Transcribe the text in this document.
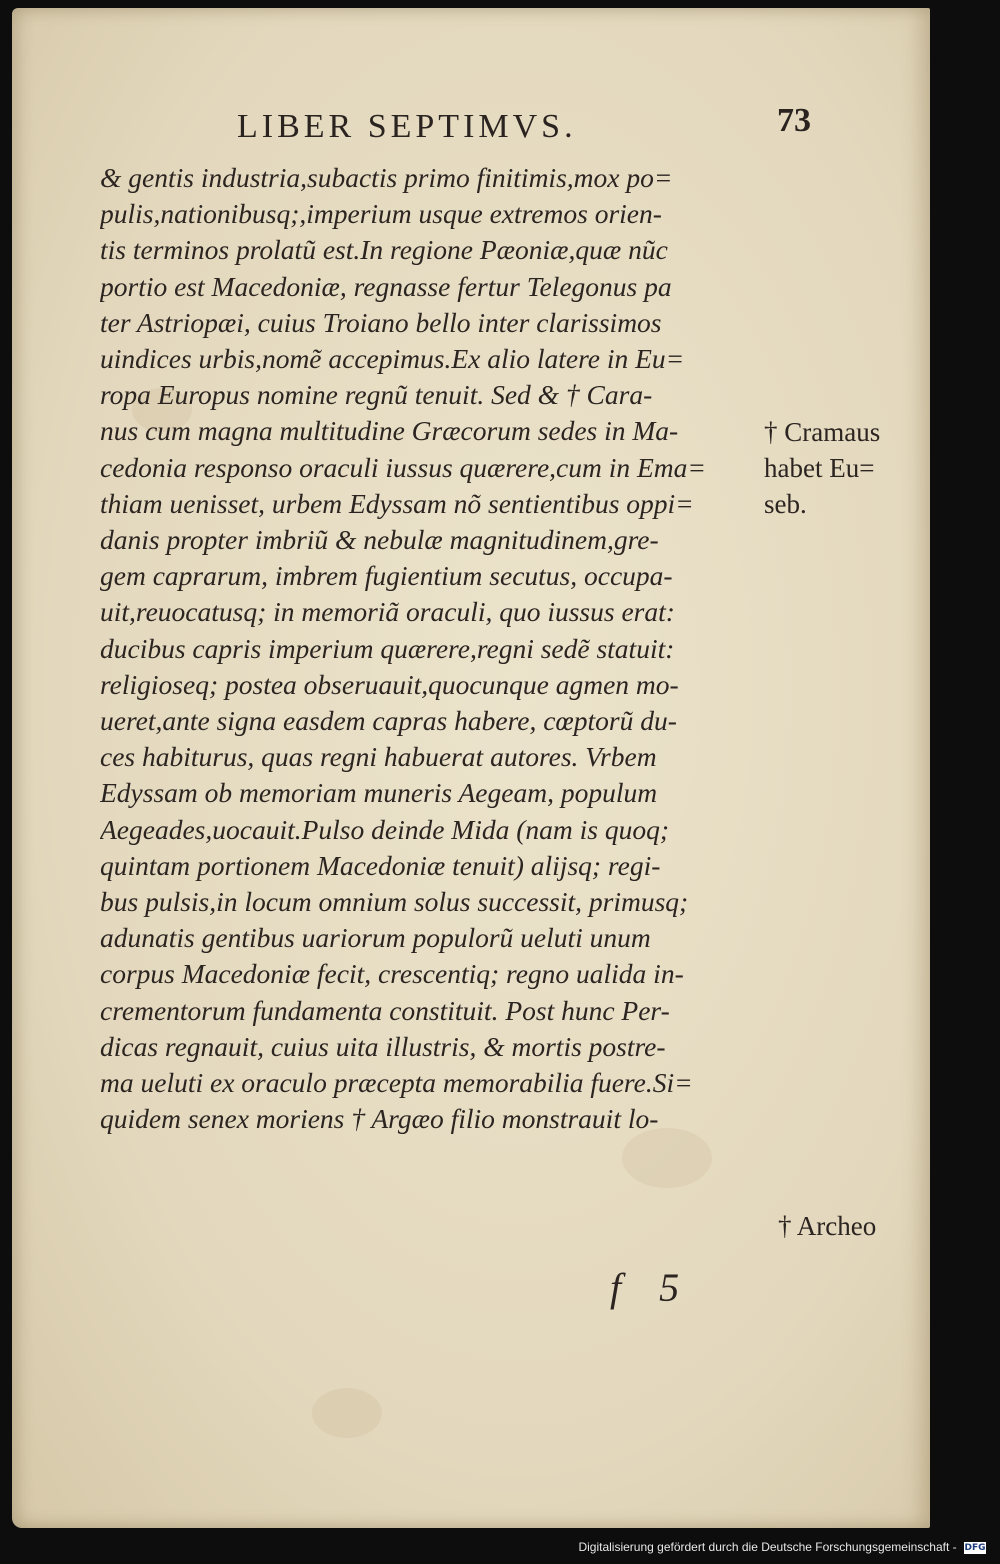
LIBER SEPTIMVS.	73
& gentis industria,subactis primo finitimis,mox po=
pulis,nationibusq;,imperium usque extremos orien-
tis terminos prolatũ est.In regione Pæoniæ,quæ nũc
portio est Macedoniæ, regnasse fertur Telegonus pa
ter Astriopæi, cuius Troiano bello inter clarissimos
uindices urbis,nomẽ accepimus.Ex alio latere in Eu=
ropa Europus nomine regnũ tenuit. Sed & † Cara-
nus cum magna multitudine Græcorum sedes in Ma-
cedonia responso oraculi iussus quærere,cum in Ema=
thiam uenisset, urbem Edyssam nõ sentientibus oppi=
danis propter imbriũ & nebulæ magnitudinem,gre-
gem caprarum, imbrem fugientium secutus, occupa-
uit,reuocatusq; in memoriã oraculi, quo iussus erat:
ducibus capris imperium quærere,regni sedẽ statuit:
religioseq; postea obseruauit,quocunque agmen mo-
ueret,ante signa easdem capras habere, cœptorũ du-
ces habiturus, quas regni habuerat autores. Vrbem
Edyssam ob memoriam muneris Aegeam, populum
Aegeades,uocauit.Pulso deinde Mida (nam is quoq;
quintam portionem Macedoniæ tenuit) alijsq; regi-
bus pulsis,in locum omnium solus successit, primusq;
adunatis gentibus uariorum populorũ ueluti unum
corpus Macedoniæ fecit, crescentiq; regno ualida in-
crementorum fundamenta constituit. Post hunc Per-
dicas regnauit, cuius uita illustris, & mortis postre-
ma ueluti ex oraculo præcepta memorabilia fuere.Si=
quidem senex moriens † Argæo filio monstrauit lo-
† Cramaus
habet Eu=
seb.
† Archeo
f 5
Digitalisierung gefördert durch die Deutsche Forschungsgemeinschaft - DFG
